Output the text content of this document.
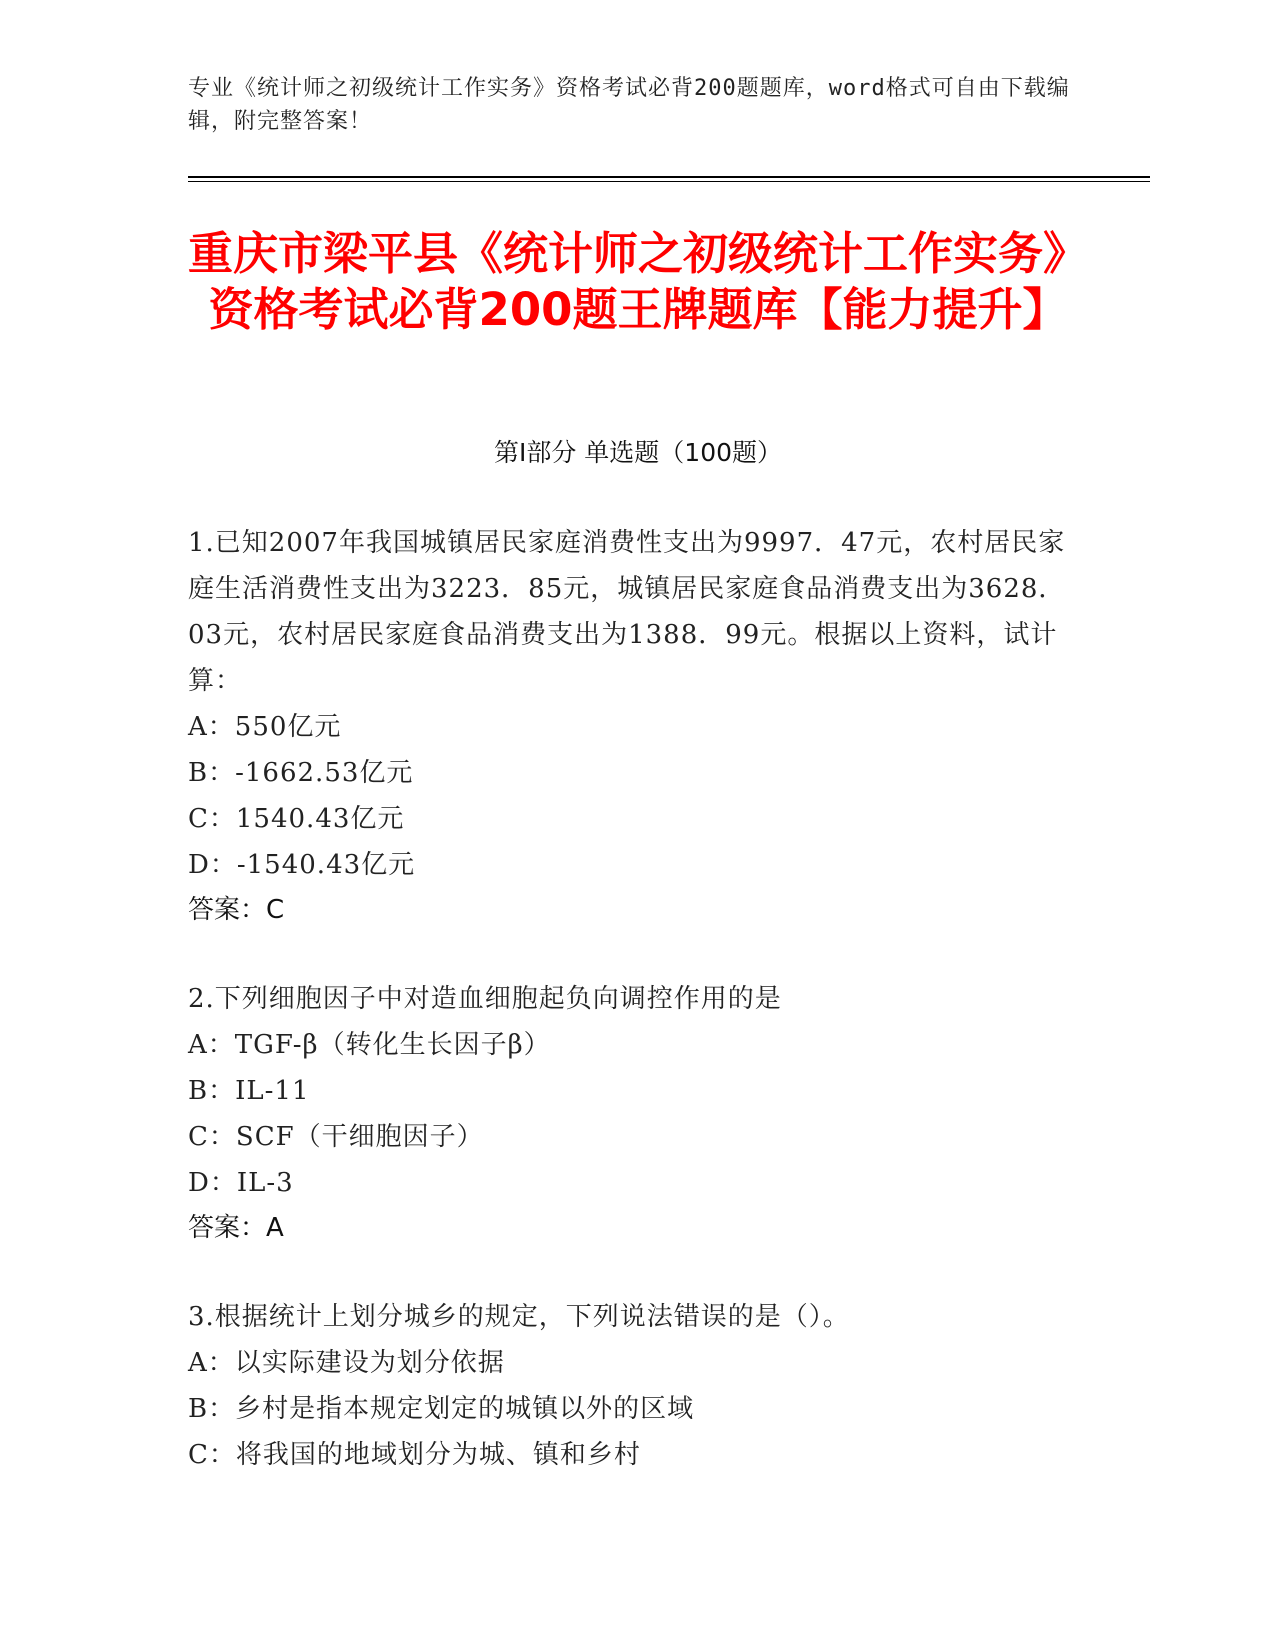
专业《统计师之初级统计工作实务》资格考试必背200题题库，word格式可自由下载编辑，附完整答案！
重庆市梁平县《统计师之初级统计工作实务》资格考试必背200题王牌题库【能力提升】
第Ⅰ部分 单选题（100题）
1.已知2007年我国城镇居民家庭消费性支出为9997．47元，农村居民家庭生活消费性支出为3223．85元，城镇居民家庭食品消费支出为3628．03元，农村居民家庭食品消费支出为1388．99元。根据以上资料，试计算：
A：550亿元
B：-1662.53亿元
C：1540.43亿元
D：-1540.43亿元
答案：C
2.下列细胞因子中对造血细胞起负向调控作用的是
A：TGF-β（转化生长因子β）
B：IL-11
C：SCF（干细胞因子）
D：IL-3
答案：A
3.根据统计上划分城乡的规定，下列说法错误的是（）。
A：以实际建设为划分依据
B：乡村是指本规定划定的城镇以外的区域
C：将我国的地域划分为城、镇和乡村
